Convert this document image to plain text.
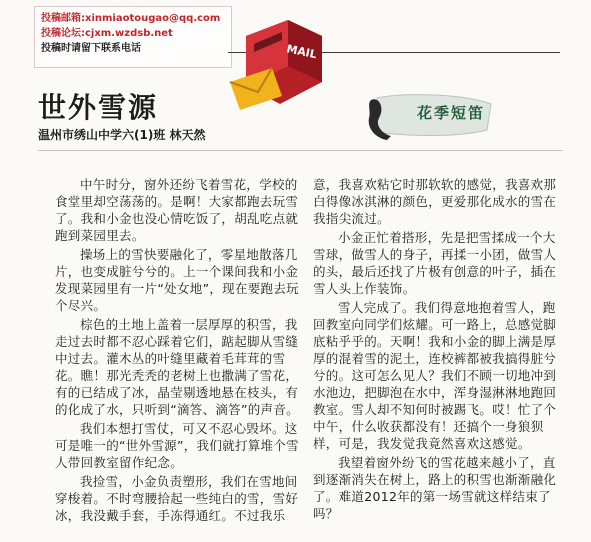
投稿邮箱:xinmiaotougao@qq.com
投稿论坛:cjxm.wzdsb.net
投稿时请留下联系电话	MAIL
世外雪源
温州市绣山中学六(1)班 林天然
花季短笛

中午时分，窗外还纷飞着雪花，学校的食堂里却空荡荡的。是啊！大家都跑去玩雪了。我和小金也没心情吃饭了，胡乱吃点就跑到菜园里去。

操场上的雪快要融化了，零星地散落几片，也变成脏兮兮的。上一个课间我和小金发现菜园里有一片“处女地”，现在要跑去玩个尽兴。

棕色的土地上盖着一层厚厚的积雪，我走过去时都不忍心踩着它们，踮起脚从雪缝中过去。灌木丛的叶缝里藏着毛茸茸的雪花。瞧！那光秃秃的老树上也撒满了雪花，有的已结成了冰，晶莹剔透地悬在枝头，有的化成了水，只听到“滴答、滴答”的声音。

我们本想打雪仗，可又不忍心毁坏。这可是唯一的“世外雪源”，我们就打算堆个雪人带回教室留作纪念。

我捡雪，小金负责塑形，我们在雪地间穿梭着。不时弯腰拾起一些纯白的雪，雪好冰，我没戴手套，手冻得通红。不过我乐

意，我喜欢粘它时那软软的感觉，我喜欢那白得像冰淇淋的颜色，更爱那化成水的雪在我指尖流过。

小金正忙着搭形，先是把雪揉成一个大雪球，做雪人的身子，再揉一小团，做雪人的头，最后还找了片极有创意的叶子，插在雪人头上作装饰。

雪人完成了。我们得意地抱着雪人，跑回教室向同学们炫耀。可一路上，总感觉脚底粘乎乎的。天啊！我和小金的脚上满是厚厚的混着雪的泥土，连校裤都被我搞得脏兮兮的。这可怎么见人？我们不顾一切地冲到水池边，把脚泡在水中，浑身湿淋淋地跑回教室。雪人却不知何时被踢飞。哎！忙了个中午，什么收获都没有！还搞个一身狼狈样，可是，我发觉我竟然喜欢这感觉。

我望着窗外纷飞的雪花越来越小了，直到逐渐消失在树上，路上的积雪也渐渐融化了。难道2012年的第一场雪就这样结束了吗？
